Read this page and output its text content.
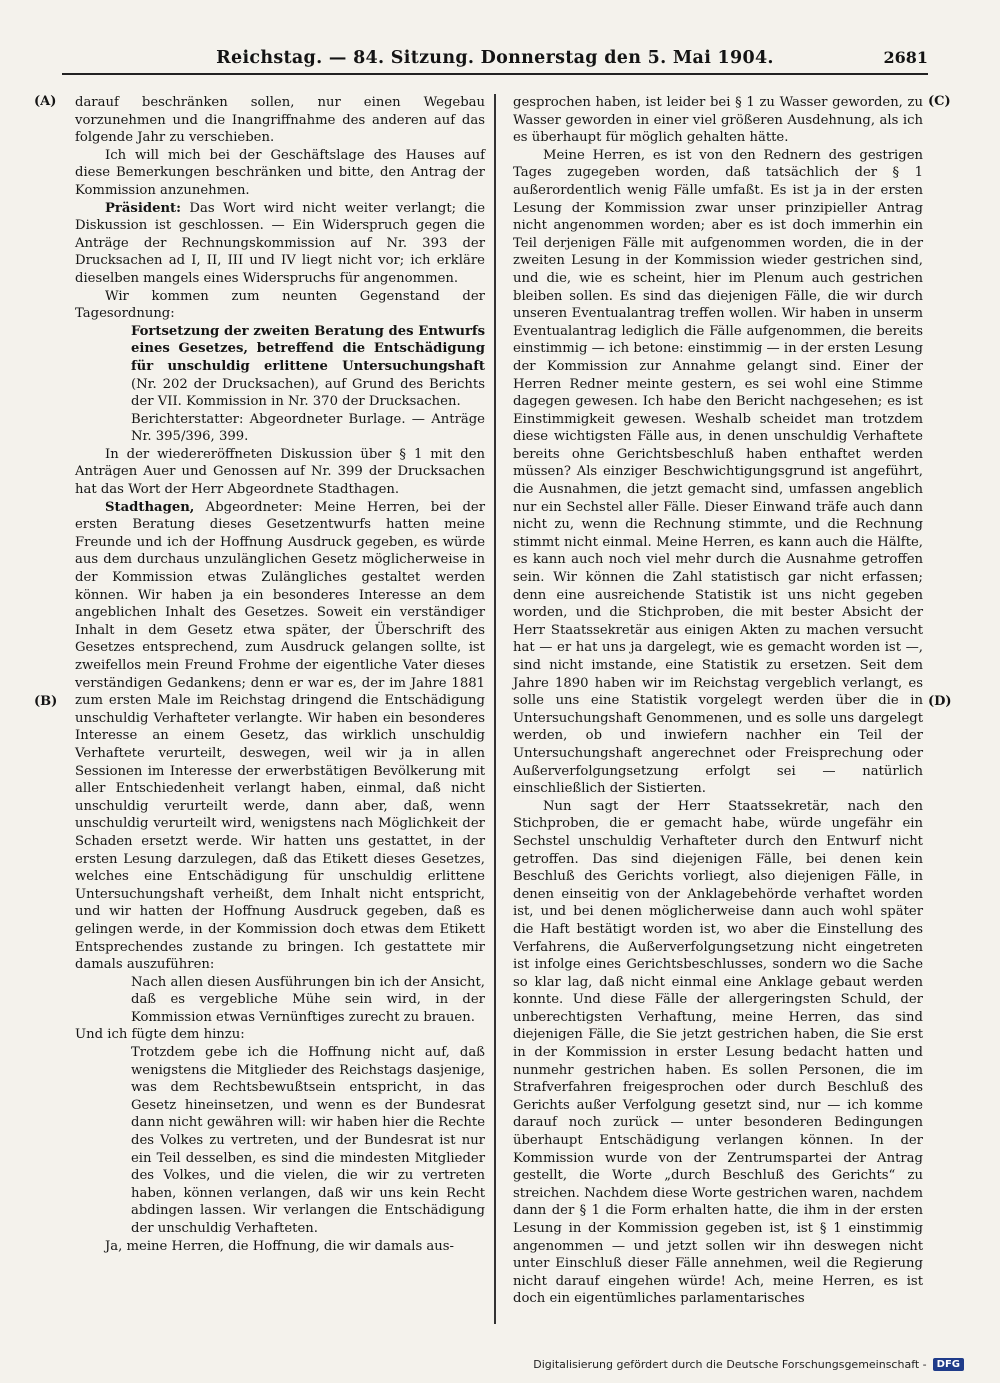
Reichstag. — 84. Sitzung. Donnerstag den 5. Mai 1904.	2681
(A)
(B)
(C)
(D)

darauf beschränken sollen, nur einen Wegebau vorzunehmen und die Inangriffnahme des anderen auf das folgende Jahr zu verschieben.

Ich will mich bei der Geschäftslage des Hauses auf diese Bemerkungen beschränken und bitte, den Antrag der Kommission anzunehmen.

Präsident: Das Wort wird nicht weiter verlangt; die Diskussion ist geschlossen. — Ein Widerspruch gegen die Anträge der Rechnungskommission auf Nr. 393 der Drucksachen ad I, II, III und IV liegt nicht vor; ich erkläre dieselben mangels eines Widerspruchs für angenommen.

Wir kommen zum neunten Gegenstand der Tagesordnung:

Fortsetzung der zweiten Beratung des Entwurfs eines Gesetzes, betreffend die Entschädigung für unschuldig erlittene Untersuchungshaft (Nr. 202 der Drucksachen), auf Grund des Berichts der VII. Kommission in Nr. 370 der Drucksachen.

Berichterstatter: Abgeordneter Burlage. — Anträge Nr. 395/396, 399.

In der wiedereröffneten Diskussion über § 1 mit den Anträgen Auer und Genossen auf Nr. 399 der Drucksachen hat das Wort der Herr Abgeordnete Stadthagen.

Stadthagen, Abgeordneter: Meine Herren, bei der ersten Beratung dieses Gesetzentwurfs hatten meine Freunde und ich der Hoffnung Ausdruck gegeben, es würde aus dem durchaus unzulänglichen Gesetz möglicherweise in der Kommission etwas Zulängliches gestaltet werden können. Wir haben ja ein besonderes Interesse an dem angeblichen Inhalt des Gesetzes. Soweit ein verständiger Inhalt in dem Gesetz etwa später, der Überschrift des Gesetzes entsprechend, zum Ausdruck gelangen sollte, ist zweifellos mein Freund Frohme der eigentliche Vater dieses verständigen Gedankens; denn er war es, der im Jahre 1881 zum ersten Male im Reichstag dringend die Entschädigung unschuldig Verhafteter verlangte. Wir haben ein besonderes Interesse an einem Gesetz, das wirklich unschuldig Verhaftete verurteilt, deswegen, weil wir ja in allen Sessionen im Interesse der erwerbstätigen Bevölkerung mit aller Entschiedenheit verlangt haben, einmal, daß nicht unschuldig verurteilt werde, dann aber, daß, wenn unschuldig verurteilt wird, wenigstens nach Möglichkeit der Schaden ersetzt werde. Wir hatten uns gestattet, in der ersten Lesung darzulegen, daß das Etikett dieses Gesetzes, welches eine Entschädigung für unschuldig erlittene Untersuchungshaft verheißt, dem Inhalt nicht entspricht, und wir hatten der Hoffnung Ausdruck gegeben, daß es gelingen werde, in der Kommission doch etwas dem Etikett Entsprechendes zustande zu bringen. Ich gestattete mir damals auszuführen:

Nach allen diesen Ausführungen bin ich der Ansicht, daß es vergebliche Mühe sein wird, in der Kommission etwas Vernünftiges zurecht zu brauen.

Und ich fügte dem hinzu:

Trotzdem gebe ich die Hoffnung nicht auf, daß wenigstens die Mitglieder des Reichstags dasjenige, was dem Rechtsbewußtsein entspricht, in das Gesetz hineinsetzen, und wenn es der Bundesrat dann nicht gewähren will: wir haben hier die Rechte des Volkes zu vertreten, und der Bundesrat ist nur ein Teil desselben, es sind die mindesten Mitglieder des Volkes, und die vielen, die wir zu vertreten haben, können verlangen, daß wir uns kein Recht abdingen lassen. Wir verlangen die Entschädigung der unschuldig Verhafteten.

Ja, meine Herren, die Hoffnung, die wir damals aus-

gesprochen haben, ist leider bei § 1 zu Wasser geworden, zu Wasser geworden in einer viel größeren Ausdehnung, als ich es überhaupt für möglich gehalten hätte.

Meine Herren, es ist von den Rednern des gestrigen Tages zugegeben worden, daß tatsächlich der § 1 außerordentlich wenig Fälle umfaßt. Es ist ja in der ersten Lesung der Kommission zwar unser prinzipieller Antrag nicht angenommen worden; aber es ist doch immerhin ein Teil derjenigen Fälle mit aufgenommen worden, die in der zweiten Lesung in der Kommission wieder gestrichen sind, und die, wie es scheint, hier im Plenum auch gestrichen bleiben sollen. Es sind das diejenigen Fälle, die wir durch unseren Eventualantrag treffen wollen. Wir haben in unserm Eventualantrag lediglich die Fälle aufgenommen, die bereits einstimmig — ich betone: einstimmig — in der ersten Lesung der Kommission zur Annahme gelangt sind. Einer der Herren Redner meinte gestern, es sei wohl eine Stimme dagegen gewesen. Ich habe den Bericht nachgesehen; es ist Einstimmigkeit gewesen. Weshalb scheidet man trotzdem diese wichtigsten Fälle aus, in denen unschuldig Verhaftete bereits ohne Gerichtsbeschluß haben enthaftet werden müssen? Als einziger Beschwichtigungsgrund ist angeführt, die Ausnahmen, die jetzt gemacht sind, umfassen angeblich nur ein Sechstel aller Fälle. Dieser Einwand träfe auch dann nicht zu, wenn die Rechnung stimmte, und die Rechnung stimmt nicht einmal. Meine Herren, es kann auch die Hälfte, es kann auch noch viel mehr durch die Ausnahme getroffen sein. Wir können die Zahl statistisch gar nicht erfassen; denn eine ausreichende Statistik ist uns nicht gegeben worden, und die Stichproben, die mit bester Absicht der Herr Staatssekretär aus einigen Akten zu machen versucht hat — er hat uns ja dargelegt, wie es gemacht worden ist —, sind nicht imstande, eine Statistik zu ersetzen. Seit dem Jahre 1890 haben wir im Reichstag vergeblich verlangt, es solle uns eine Statistik vorgelegt werden über die in Untersuchungshaft Genommenen, und es solle uns dargelegt werden, ob und inwiefern nachher ein Teil der Untersuchungshaft angerechnet oder Freisprechung oder Außerverfolgungsetzung erfolgt sei — natürlich einschließlich der Sistierten.

Nun sagt der Herr Staatssekretär, nach den Stichproben, die er gemacht habe, würde ungefähr ein Sechstel unschuldig Verhafteter durch den Entwurf nicht getroffen. Das sind diejenigen Fälle, bei denen kein Beschluß des Gerichts vorliegt, also diejenigen Fälle, in denen einseitig von der Anklagebehörde verhaftet worden ist, und bei denen möglicherweise dann auch wohl später die Haft bestätigt worden ist, wo aber die Einstellung des Verfahrens, die Außerverfolgungsetzung nicht eingetreten ist infolge eines Gerichtsbeschlusses, sondern wo die Sache so klar lag, daß nicht einmal eine Anklage gebaut werden konnte. Und diese Fälle der allergeringsten Schuld, der unberechtigsten Verhaftung, meine Herren, das sind diejenigen Fälle, die Sie jetzt gestrichen haben, die Sie erst in der Kommission in erster Lesung bedacht hatten und nunmehr gestrichen haben. Es sollen Personen, die im Strafverfahren freigesprochen oder durch Beschluß des Gerichts außer Verfolgung gesetzt sind, nur — ich komme darauf noch zurück — unter besonderen Bedingungen überhaupt Entschädigung verlangen können. In der Kommission wurde von der Zentrumspartei der Antrag gestellt, die Worte „durch Beschluß des Gerichts“ zu streichen. Nachdem diese Worte gestrichen waren, nachdem dann der § 1 die Form erhalten hatte, die ihm in der ersten Lesung in der Kommission gegeben ist, ist § 1 einstimmig angenommen — und jetzt sollen wir ihn deswegen nicht unter Einschluß dieser Fälle annehmen, weil die Regierung nicht darauf eingehen würde! Ach, meine Herren, es ist doch ein eigentümliches parlamentarisches

Digitalisierung gefördert durch die Deutsche Forschungsgemeinschaft -	DFG
